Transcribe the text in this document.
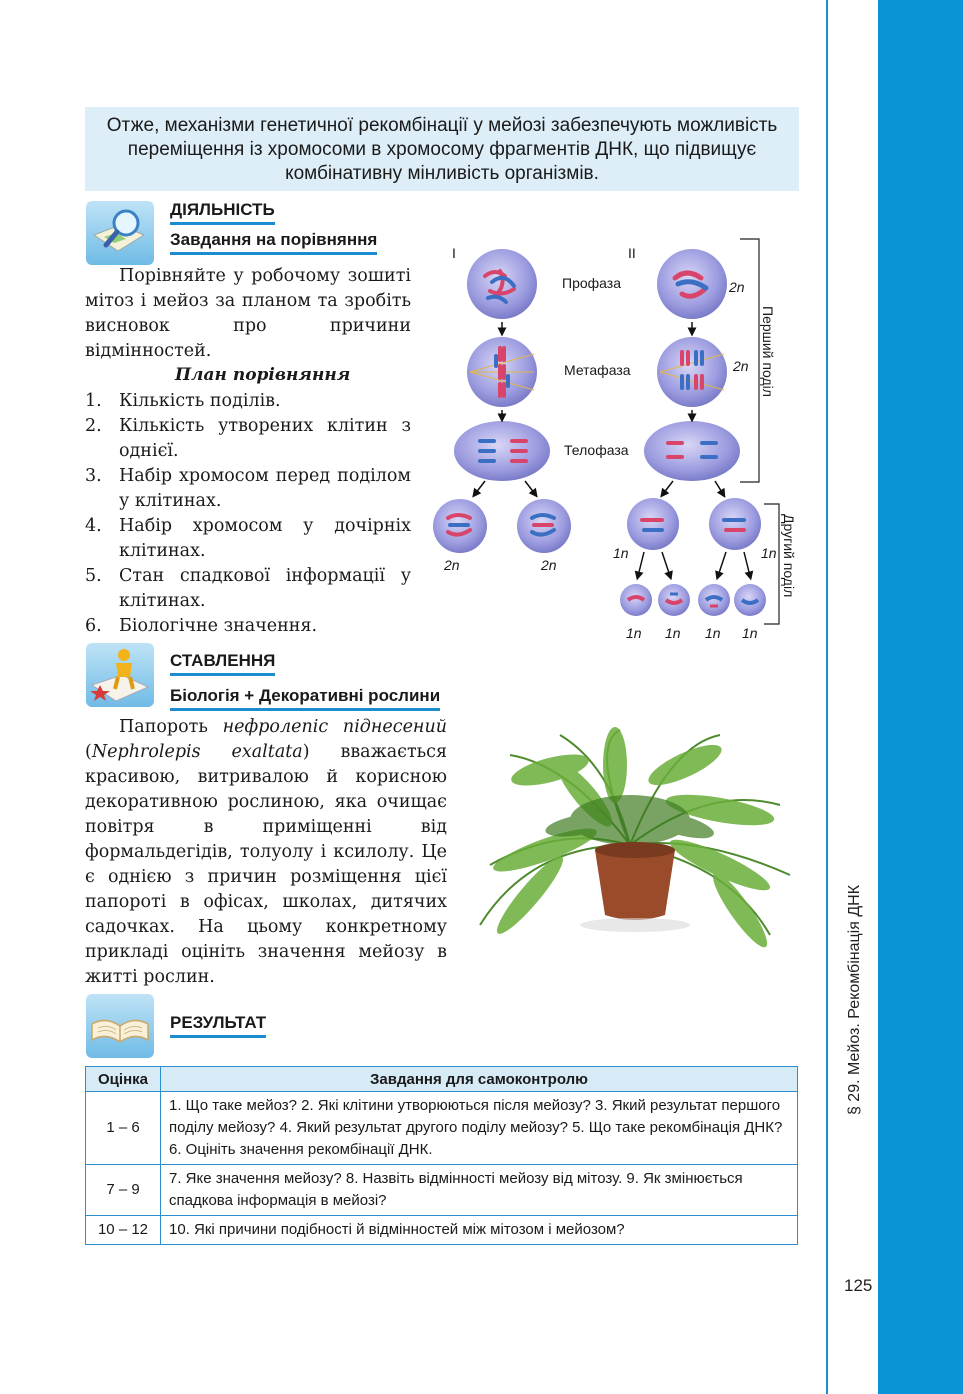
§ 29. Мейоз. Рекомбінація ДНК
125
Отже, механізми генетичної рекомбінації у мейозі забезпечують можливість переміщення із хромосоми в хромосому фрагментів ДНК, що підвищує комбінативну мінливість організмів.
ДІЯЛЬНІСТЬ
Завдання на порівняння
Порівняйте у робочому зошиті мітоз і мейоз за планом та зробіть висновок про причини відмінностей.
План порівняння
1. Кількість поділів.
2. Кількість утворених клітин з однієї.
3. Набір хромосом перед поділом у клітинах.
4. Набір хромосом у дочірніх клітинах.
5. Стан спадкової інформації у клітинах.
6. Біологічне значення.
I	II
2n	2n
Профаза
Метафаза
Телофаза
2n
2n
1n	1n
1n 1n 1n 1n
Перший поділ
Другий поділ
СТАВЛЕННЯ
Біологія + Декоративні рослини
Папороть нефролепіс піднесений (Nephrolepis exaltata) вважається красивою, витривалою й корисною декоративною рослиною, яка очищає повітря в приміщенні від формальдегідів, толуолу і ксилолу. Це є однією з причин розміщення цієї папороті в офісах, школах, дитячих садочках. На цьому конкретному прикладі оцініть значення мейозу в житті рослин.
РЕЗУЛЬТАТ
Оцінка	Завдання для самоконтролю
1 – 6	1. Що таке мейоз? 2. Які клітини утворюються після мейозу? 3. Який результат першого поділу мейозу? 4. Який результат другого поділу мейозу? 5. Що таке рекомбінація ДНК? 6. Оцініть значення рекомбінації ДНК.
7 – 9	7. Яке значення мейозу? 8. Назвіть відмінності мейозу від мітозу. 9. Як змінюється спадкова інформація в мейозі?
10 – 12	10. Які причини подібності й відмінностей між мітозом і мейозом?
